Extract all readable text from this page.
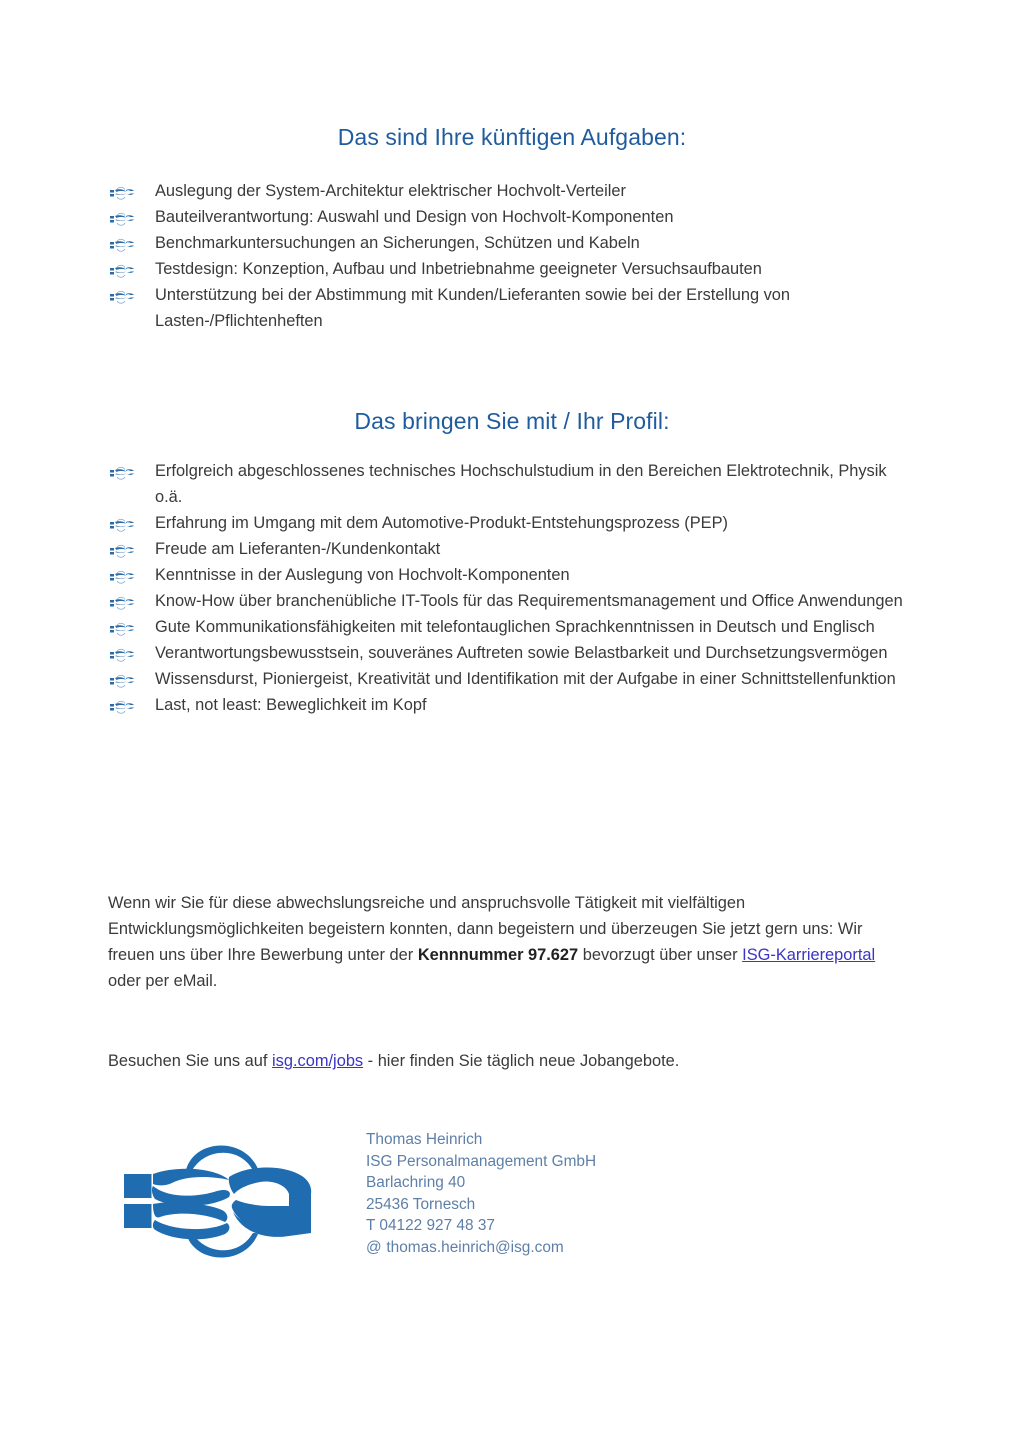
Das sind Ihre künftigen Aufgaben:
Auslegung der System-Architektur elektrischer Hochvolt-Verteiler
Bauteilverantwortung: Auswahl und Design von Hochvolt-Komponenten
Benchmarkuntersuchungen an Sicherungen, Schützen und Kabeln
Testdesign: Konzeption, Aufbau und Inbetriebnahme geeigneter Versuchsaufbauten
Unterstützung bei der Abstimmung mit Kunden/Lieferanten sowie bei der Erstellung von Lasten-/Pflichtenheften
Das bringen Sie mit / Ihr Profil:
Erfolgreich abgeschlossenes technisches Hochschulstudium in den Bereichen Elektrotechnik, Physik o.ä.
Erfahrung im Umgang mit dem Automotive-Produkt-Entstehungsprozess (PEP)
Freude am Lieferanten-/Kundenkontakt
Kenntnisse in der Auslegung von Hochvolt-Komponenten
Know-How über branchenübliche IT-Tools für das Requirementsmanagement und Office Anwendungen
Gute Kommunikationsfähigkeiten mit telefontauglichen Sprachkenntnissen in Deutsch und Englisch
Verantwortungsbewusstsein, souveränes Auftreten sowie Belastbarkeit und Durchsetzungsvermögen
Wissensdurst, Pioniergeist, Kreativität und Identifikation mit der Aufgabe in einer Schnittstellenfunktion
Last, not least: Beweglichkeit im Kopf

Wenn wir Sie für diese abwechslungsreiche und anspruchsvolle Tätigkeit mit vielfältigen Entwicklungsmöglichkeiten begeistern konnten, dann begeistern und überzeugen Sie jetzt gern uns: Wir freuen uns über Ihre Bewerbung unter der Kennnummer 97.627 bevorzugt über unser ISG-Karriereportal oder per eMail.

Besuchen Sie uns auf isg.com/jobs - hier finden Sie täglich neue Jobangebote.

Thomas Heinrich
ISG Personalmanagement GmbH
Barlachring 40
25436 Tornesch
T 04122 927 48 37
@ thomas.heinrich@isg.com
